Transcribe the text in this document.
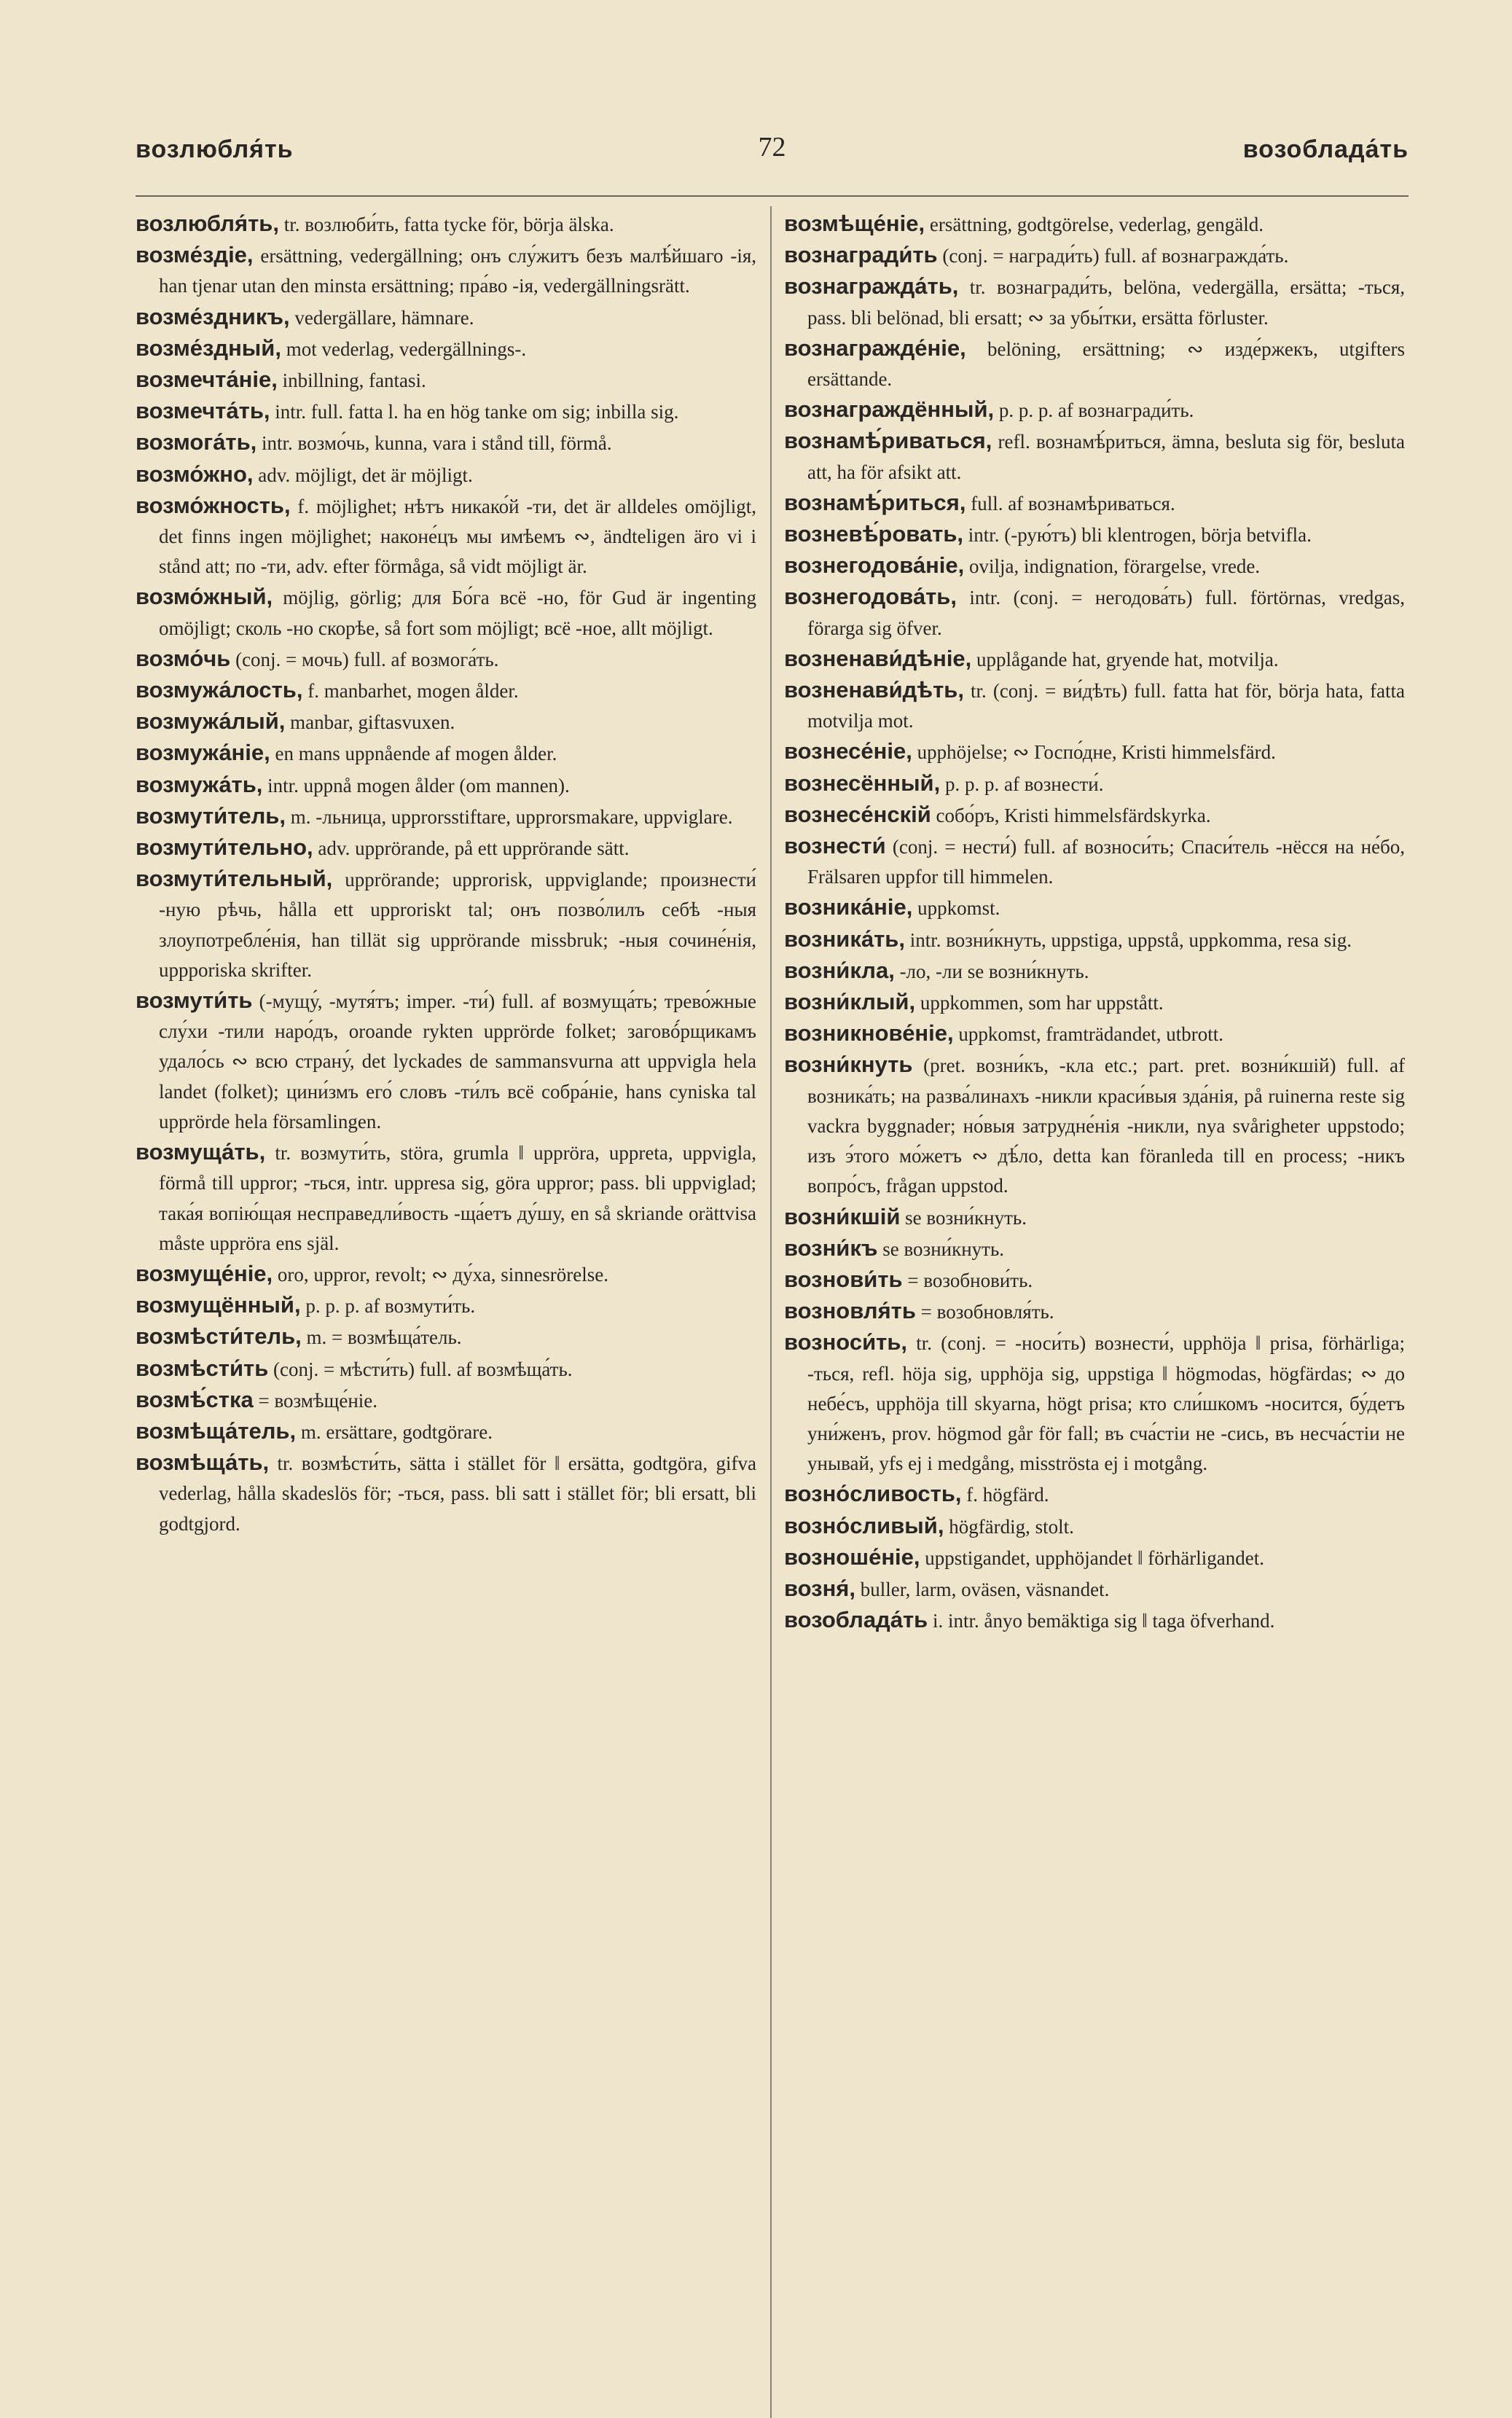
возлюбля́ть	72	возоблада́ть

возлюбля́ть, tr. возлюби́ть, fatta tycke för, börja älska.

возме́здіе, ersättning, vedergällning; онъ слу́житъ безъ малѣ́йшаго -ія, han tjenar utan den minsta ersättning; пра́во -ія, vedergällningsrätt.

возме́здникъ, vedergällare, hämnare.

возме́здный, mot vederlag, vedergällnings-.

возмечта́ніе, inbillning, fantasi.

возмечта́ть, intr. full. fatta l. ha en hög tanke om sig; inbilla sig.

возмога́ть, intr. возмо́чь, kunna, vara i stånd till, förmå.

возмо́жно, adv. möjligt, det är möjligt.

возмо́жность, f. möjlighet; нѣтъ никако́й -ти, det är alldeles omöjligt, det finns ingen möjlighet; наконе́цъ мы имѣемъ ∾, ändteligen äro vi i stånd att; по -ти, adv. efter förmåga, så vidt möjligt är.

возмо́жный, möjlig, görlig; для Бо́га всё -но, för Gud är ingenting omöjligt; сколь -но скорѣе, så fort som möjligt; всё -ное, allt möjligt.

возмо́чь (conj. = мочь) full. af возмога́ть.

возмужа́лость, f. manbarhet, mogen ålder.

возмужа́лый, manbar, giftasvuxen.

возмужа́ніе, en mans uppnående af mogen ålder.

возмужа́ть, intr. uppnå mogen ålder (om mannen).

возмути́тель, m. -льница, upprorsstiftare, upprorsmakare, uppviglare.

возмути́тельно, adv. upprörande, på ett upprörande sätt.

возмути́тельный, upprörande; upprorisk, uppviglande; произнести́ -ную рѣчь, hålla ett upproriskt tal; онъ позво́лилъ себѣ -ныя злоупотребле́нія, han tillät sig upprörande missbruk; -ныя сочине́нія, uppроriska skrifter.

возмути́ть (-мущу́, -мутя́тъ; imper. -ти́) full. af возмуща́ть; трево́жные слу́хи -тили наро́дъ, oroande rykten upprörde folket; заговó́рщикамъ удало́сь ∾ всю страну́, det lyckades de sammansvurna att uppvigla hela landet (folket); цини́змъ его́ словъ -ти́лъ всё собра́ніе, hans cyniska tal upprörde hela församlingen.

возмуща́ть, tr. возмути́ть, störa, grumla ‖ uppröra, uppreta, uppvigla, förmå till uppror; -ться, intr. uppresa sig, göra uppror; pass. bli uppviglad; така́я вопію́щая несправедли́вость -ща́етъ ду́шу, en så skriande orättvisa måste uppröra ens själ.

возмуще́ніе, oro, uppror, revolt; ∾ ду́ха, sinnesrörelse.

возмущённый, p. p. p. af возмути́ть.

возмѣсти́тель, m. = возмѣща́тель.

возмѣсти́ть (conj. = мѣсти́ть) full. af возмѣща́ть.

возмѣ́стка = возмѣще́ніе.

возмѣща́тель, m. ersättare, godtgörare.

возмѣща́ть, tr. возмѣсти́ть, sätta i stället för ‖ ersätta, godtgöra, gifva vederlag, hålla skadeslös för; -ться, pass. bli satt i stället för; bli ersatt, bli godtgjord.

возмѣще́ніе, ersättning, godtgörelse, vederlag, gengäld.

вознагради́ть (conj. = награди́ть) full. af вознагражда́ть.

вознагражда́ть, tr. вознагради́ть, belöna, vedergälla, ersätta; -ться, pass. bli belönad, bli ersatt; ∾ за убы́тки, ersätta förluster.

вознагражде́ніе, belöning, ersättning; ∾ изде́ржекъ, utgifters ersättande.

вознаграждённый, p. p. p. af вознагради́ть.

вознамѣ́риваться, refl. вознамѣ́риться, ämna, besluta sig för, besluta att, ha för afsikt att.

вознамѣ́риться, full. af вознамѣриваться.

возневѣ́ровать, intr. (-рую́тъ) bli klentrogen, börja betvifla.

вознегодова́ніе, ovilja, indignation, förargelse, vrede.

вознегодова́ть, intr. (conj. = негодова́ть) full. förtörnas, vredgas, förarga sig öfver.

возненави́дѣніе, upplågande hat, gryende hat, motvilja.

возненави́дѣть, tr. (conj. = ви́дѣть) full. fatta hat för, börja hata, fatta motvilja mot.

вознесе́ніе, upphöjelse; ∾ Госпо́дне, Kristi himmelsfärd.

вознесённый, p. p. p. af вознести́.

вознесе́нскій собо́ръ, Kristi himmelsfärdskyrka.

вознести́ (conj. = нести́) full. af возноси́ть; Спаси́тель -нёсся на не́бо, Frälsaren uppfor till himmelen.

возника́ніе, uppkomst.

возника́ть, intr. возни́кнуть, uppstiga, uppstå, uppkomma, resa sig.

возни́кла, -ло, -ли se возни́кнуть.

возни́клый, uppkommen, som har uppstått.

возникнове́ніе, uppkomst, framträdandet, utbrott.

возни́кнуть (pret. возни́къ, -кла etc.; part. pret. возни́кшій) full. af возника́ть; на разва́линахъ -никли краси́выя зда́нія, på ruinerna reste sig vackra byggnader; но́выя затрудне́нія -никли, nya svårigheter uppstodo; изъ э́того мо́жетъ ∾ дѣ́ло, detta kan föranleda till en process; -никъ вопро́съ, frågan uppstod.

возни́кшій se возни́кнуть.

возни́къ se возни́кнуть.

вознови́ть = возобнови́ть.

возновля́ть = возобновля́ть.

возноси́ть, tr. (conj. = -носи́ть) вознести́, upphöja ‖ prisa, förhärliga; -ться, refl. höja sig, upphöja sig, uppstiga ‖ högmodas, högfärdas; ∾ до небе́съ, upphöja till skyarna, högt prisa; кто сли́шкомъ -носится, бу́детъ уни́женъ, prov. högmod går för fall; въ сча́стіи не -сись, въ несча́стіи не унывай, yfs ej i medgång, misströsta ej i motgång.

возно́сливость, f. högfärd.

возно́сливый, högfärdig, stolt.

возноше́ніе, uppstigandet, upphöjandet ‖ förhärligandet.

возня́, buller, larm, oväsen, väsnandet.

возоблада́ть i. intr. ånyo bemäktiga sig ‖ taga öfverhand.
